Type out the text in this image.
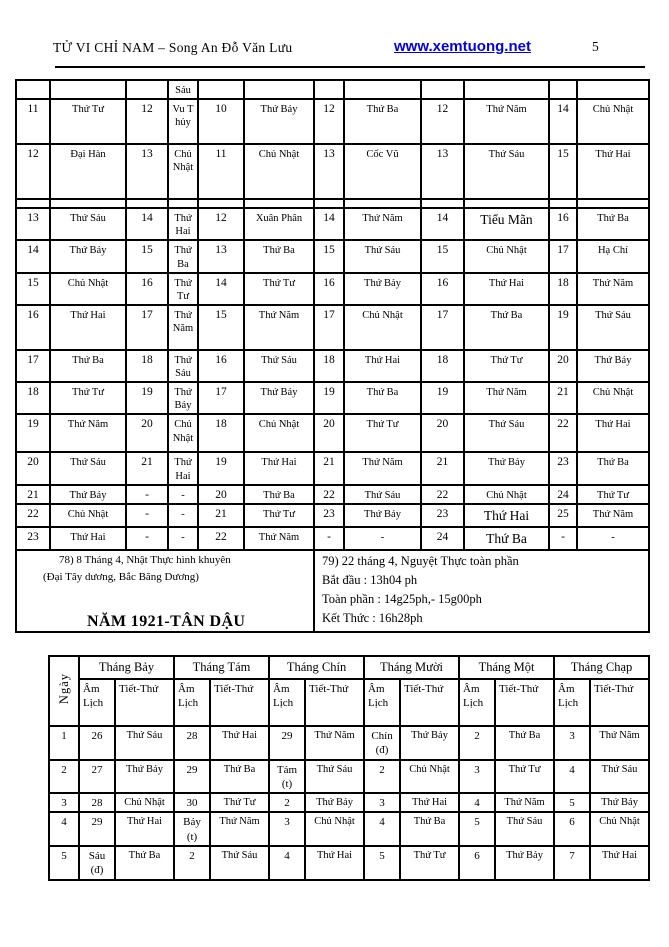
TỬ VI CHỈ NAM – Song An Đỗ Văn Lưu	www.xemtuong.net	5
			Sáu								
11	Thứ Tư	12	Vu Thủy	10	Thứ Bảy	12	Thứ Ba	12	Thứ Năm	14	Chủ Nhật
12	Đại Hàn	13	Chủ Nhật	11	Chủ Nhật	13	Cốc Vũ	13	Thứ Sáu	15	Thứ Hai

13	Thứ Sáu	14	Thứ Hai	12	Xuân Phân	14	Thứ Năm	14	Tiểu Mãn	16	Thứ Ba
14	Thứ Bảy	15	Thứ Ba	13	Thứ Ba	15	Thứ Sáu	15	Chủ Nhật	17	Hạ Chí
15	Chủ Nhật	16	Thứ Tư	14	Thứ Tư	16	Thứ Bảy	16	Thứ Hai	18	Thứ Năm
16	Thứ Hai	17	Thứ Năm	15	Thứ Năm	17	Chủ Nhật	17	Thứ Ba	19	Thứ Sáu
17	Thứ Ba	18	Thứ Sáu	16	Thứ Sáu	18	Thứ Hai	18	Thứ Tư	20	Thứ Bảy
18	Thứ Tư	19	Thứ Bảy	17	Thứ Bảy	19	Thứ Ba	19	Thứ Năm	21	Chủ Nhật
19	Thứ Năm	20	Chủ Nhật	18	Chủ Nhật	20	Thứ Tư	20	Thứ Sáu	22	Thứ Hai
20	Thứ Sáu	21	Thứ Hai	19	Thứ Hai	21	Thứ Năm	21	Thứ Bảy	23	Thứ Ba
21	Thứ Bảy	-	-	20	Thứ Ba	22	Thứ Sáu	22	Chủ Nhật	24	Thứ Tư
22	Chủ Nhật	-	-	21	Thứ Tư	23	Thứ Bảy	23	Thứ Hai	25	Thứ Năm
23	Thứ Hai	-	-	22	Thứ Năm	-	-	24	Thứ Ba	-	-

78) 8 Tháng 4, Nhật Thực hình khuyên
(Đại Tây dương, Bắc Băng Dương)

79) 22 tháng 4, Nguyệt Thực toàn phần
Bắt đầu : 13h04 ph
Toàn phần : 14g25ph,- 15g00ph
Kết Thức : 16h28ph
NĂM 1921-TÂN DẬU
Ngày	Tháng Bảy		Tháng Tám		Tháng Chín		Tháng Mười		Tháng Một		Tháng Chạp	
	Âm Lịch	Tiết-Thứ	Âm Lịch	Tiết-Thứ	Âm Lịch	Tiết-Thứ	Âm Lịch	Tiết-Thứ	Âm Lịch	Tiết-Thứ	Âm Lịch	Tiết-Thứ
1	26	Thứ Sáu	28	Thứ Hai	29	Thứ Năm	Chín (đ)	Thứ Bảy	2	Thứ Ba	3	Thứ Năm
2	27	Thứ Bảy	29	Thứ Ba	Tám (t)	Thứ Sáu	2	Chủ Nhật	3	Thứ Tư	4	Thứ Sáu
3	28	Chủ Nhật	30	Thứ Tư	2	Thứ Bảy	3	Thứ Hai	4	Thứ Năm	5	Thứ Bảy
4	29	Thứ Hai	Bảy (t)	Thứ Năm	3	Chủ Nhật	4	Thứ Ba	5	Thứ Sáu	6	Chủ Nhật
5	Sáu (đ)	Thứ Ba	2	Thứ Sáu	4	Thứ Hai	5	Thứ Tư	6	Thứ Bảy	7	Thứ Hai
